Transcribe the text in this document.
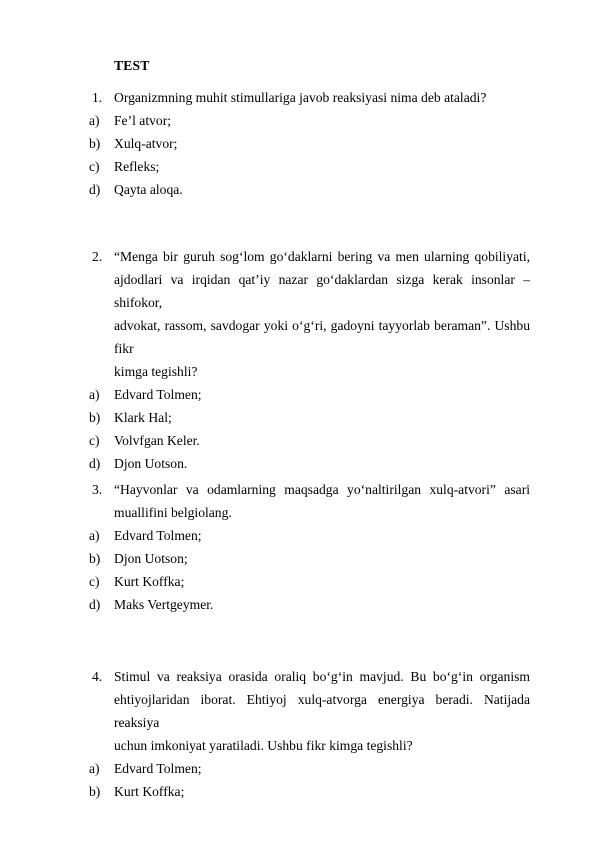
TEST
1. Organizmning muhit stimullariga javob reaksiyasi nima deb ataladi?
a) Fe’l atvor;
b) Xulq-atvor;
c) Refleks;
d) Qayta aloqa.
2. “Menga bir guruh sog‘lom go‘daklarni bering va men ularning qobiliyati,
ajdodlari va irqidan qat’iy nazar go‘daklardan sizga kerak insonlar – shifokor,
advokat, rassom, savdogar yoki o‘g‘ri, gadoyni tayyorlab beraman”. Ushbu fikr
kimga tegishli?
a) Edvard Tolmen;
b) Klark Hal;
c) Volvfgan Keler.
d) Djon Uotson.
3. “Hayvonlar va odamlarning maqsadga yo‘naltirilgan xulq-atvori” asari
muallifini belgiolang.
a) Edvard Tolmen;
b) Djon Uotson;
c) Kurt Koffka;
d) Maks Vertgeymer.
4. Stimul va reaksiya orasida oraliq bo‘g‘in mavjud. Bu bo‘g‘in organism
ehtiyojlaridan iborat. Ehtiyoj xulq-atvorga energiya beradi. Natijada reaksiya
uchun imkoniyat yaratiladi. Ushbu fikr kimga tegishli?
a) Edvard Tolmen;
b) Kurt Koffka;
